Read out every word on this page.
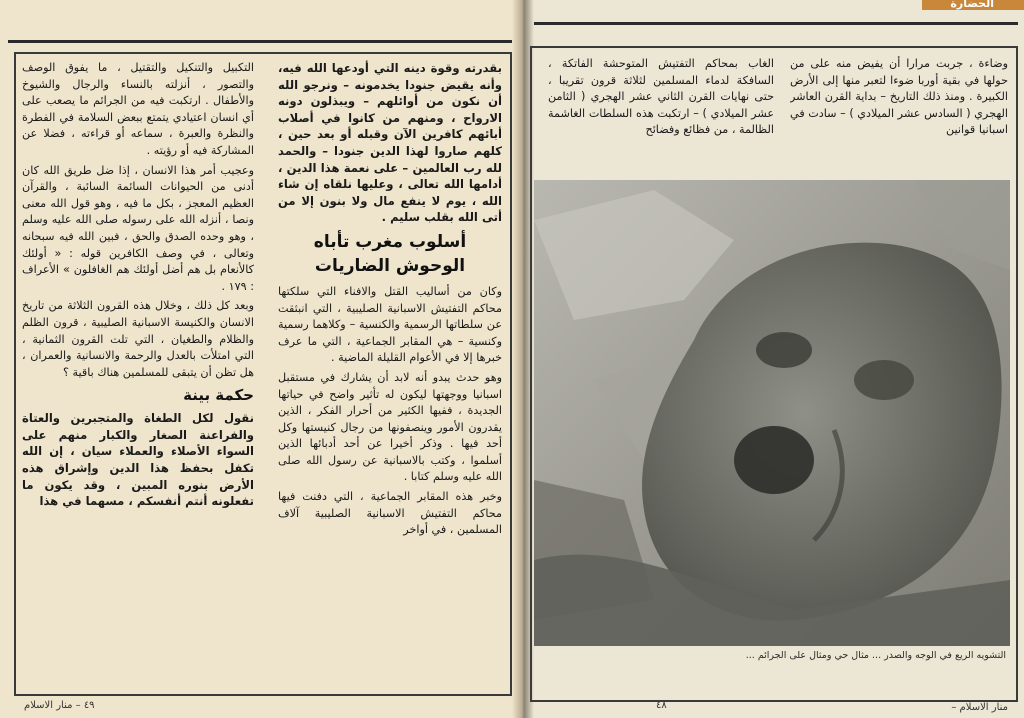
الحضارة

بقدرته وقوة دينه التي أودعها الله فيه، وأنه يقيض جنودا يخدمونه – ونرجو الله أن نكون من أوائلهم – ويبذلون دونه الارواح ، ومنهم من كانوا في أصلاب أبائهم كافرين الآن وقبله أو بعد حين ، كلهم صاروا لهذا الدين جنودا – والحمد لله رب العالمين – على نعمة هذا الدين ، أدامها الله تعالى ، وعليها نلقاه إن شاء الله ، يوم لا ينفع مال ولا بنون إلا من أتى الله بقلب سليم .

أسلوب مغرب تأباه الوحوش الضاريات

وكان من أساليب القتل والافناء التي سلكتها محاكم التفتيش الاسبانية الصليبية ، التي انبثقت عن سلطاتها الرسمية والكنسية – وكلاهما رسمية وكنسية – هي المقابر الجماعية ، التي ما عرف خبرها إلا في الأعوام القليلة الماضية .

وهو حدث يبدو أنه لابد أن يشارك في مستقبل اسبانيا ووجهتها ليكون له تأثير واضح في حياتها الجديدة ، ففيها الكثير من أحرار الفكر ، الذين يقدرون الأمور وينصفونها من رجال كنيستها وكل أحد فيها . وذكر أخيرا عن أحد أدبائها الذين أسلموا ، وكتب بالاسبانية عن رسول الله صلى الله عليه وسلم كتابا .

وخبر هذه المقابر الجماعية ، التي دفنت فيها محاكم التفتيش الاسبانية الصليبية آلاف المسلمين ، في أواخر

التكبيل والتنكيل والتقتيل ، ما يفوق الوصف والتصور ، أنزلته بالنساء والرجال والشيوخ والأطفال . ارتكبت فيه من الجرائم ما يصعب على أي انسان اعتيادي يتمتع ببعض السلامة في الفطرة والنظرة والعبرة ، سماعه أو قراءته ، فضلا عن المشاركة فيه أو رؤيته .

وعجيب أمر هذا الانسان ، إذا ضل طريق الله كان أدنى من الحيوانات السائمة السائبة ، والقرآن العظيم المعجز ، بكل ما فيه ، وهو قول الله معنى ونصا ، أنزله الله على رسوله صلى الله عليه وسلم ، وهو وحده الصدق والحق ، فبين الله فيه سبحانه وتعالى ، في وصف الكافرين قوله : « أولئك كالأنعام بل هم أضل أولئك هم الغافلون » الأعراف : ١٧٩ .

وبعد كل ذلك ، وخلال هذه القرون الثلاثة من تاريخ الانسان والكنيسة الاسبانية الصليبية ، قرون الظلم والظلام والطغيان ، التي تلت القرون الثمانية ، التي امتلأت بالعدل والرحمة والانسانية والعمران ، هل تظن أن يتبقى للمسلمين هناك باقية ؟

حكمة بينة

نقول لكل الطغاة والمتجبرين والعتاة والفراعنة الصغار والكبار منهم على السواء الأصلاء والعملاء سيان ، إن الله تكفل بحفظ هذا الدين وإشراق هذه الأرض بنوره المبين ، وقد يكون ما تفعلونه أنتم أنفسكم ، مسهما في هذا

٤٩ – منار الاسلام

وضاءة ، جربت مرارا أن يفيض منه على من حولها في بقية أوربا ضوءا لتعبر منها إلى الأرض الكبيرة . ومنذ ذلك التاريخ – بداية القرن العاشر الهجري ( السادس عشر الميلادي ) – سادت في اسبانيا قوانين

الغاب بمحاكم التفتيش المتوحشة الفاتكة ، السافكة لدماء المسلمين لثلاثة قرون تقريبا ، حتى نهايات القرن الثاني عشر الهجري ( الثامن عشر الميلادي ) – ارتكبت هذه السلطات الغاشمة الظالمة ، من فظائع وفضائح

التشويه الريع في الوجه والصدر ... مثال حي ومثال على الجرائم ...
منار الاسلام –
٤٨
